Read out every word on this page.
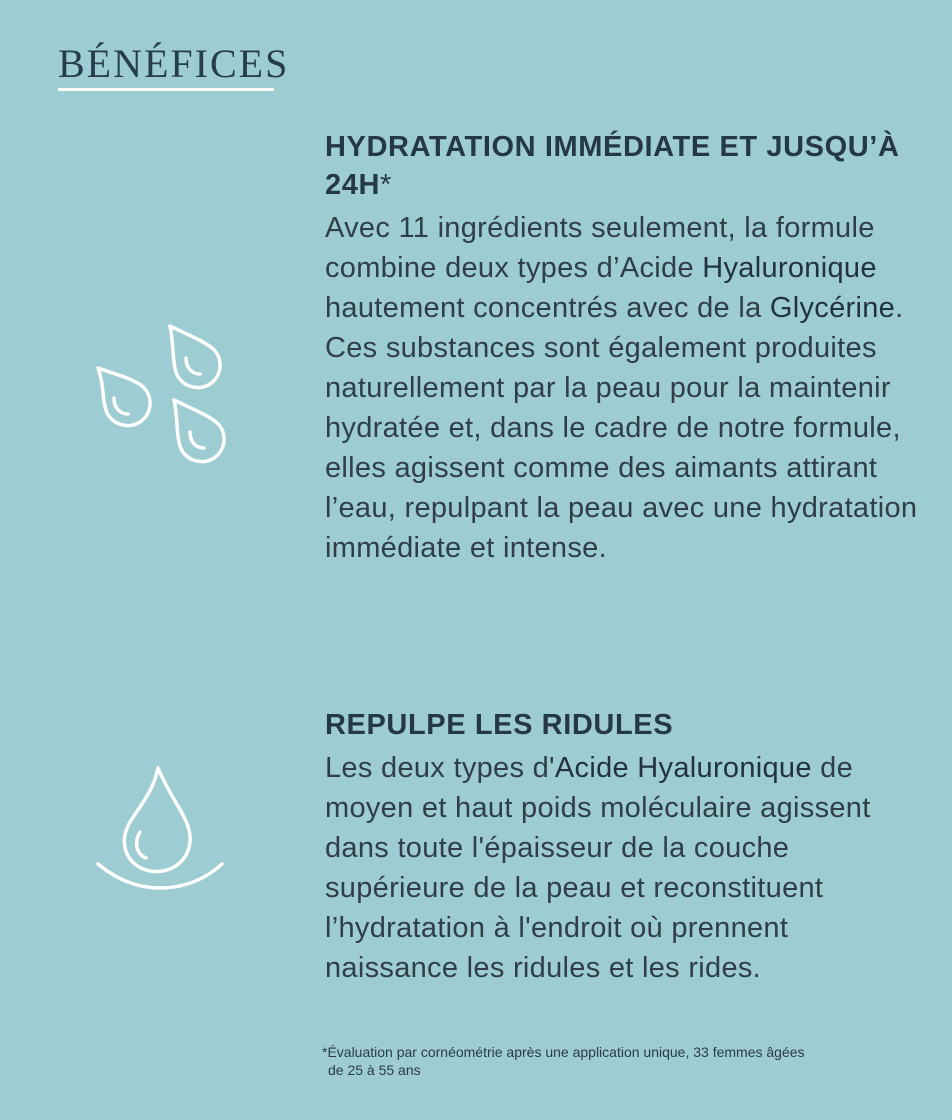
BÉNÉFICES
HYDRATATION IMMÉDIATE ET JUSQU’À 24H*

Avec 11 ingrédients seulement, la formule combine deux types d’Acide Hyaluronique hautement concentrés avec de la Glycérine. Ces substances sont également produites naturellement par la peau pour la maintenir hydratée et, dans le cadre de notre formule, elles agissent comme des aimants attirant l’eau, repulpant la peau avec une hydratation immédiate et intense.

REPULPE LES RIDULES

Les deux types d'Acide Hyaluronique de moyen et haut poids moléculaire agissent dans toute l'épaisseur de la couche supérieure de la peau et reconstituent l’hydratation à l'endroit où prennent naissance les ridules et les rides.

*Évaluation par cornéométrie après une application unique, 33 femmes âgées
de 25 à 55 ans
